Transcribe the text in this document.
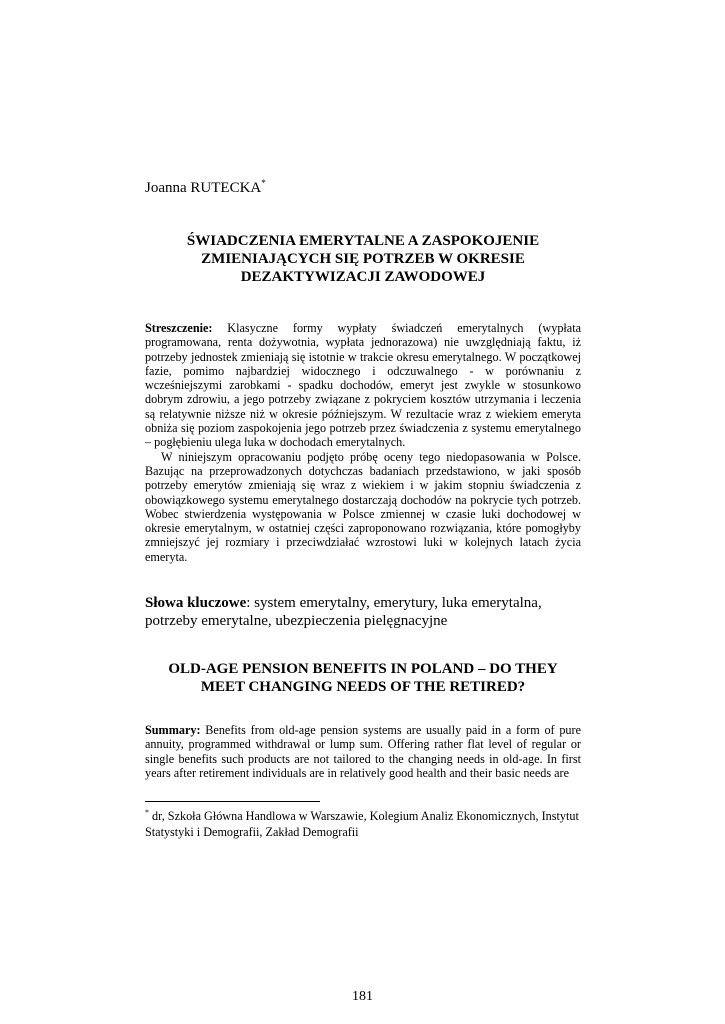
Joanna RUTECKA*
ŚWIADCZENIA EMERYTALNE A ZASPOKOJENIE
ZMIENIAJĄCYCH SIĘ POTRZEB W OKRESIE
DEZAKTYWIZACJI ZAWODOWEJ

Streszczenie: Klasyczne formy wypłaty świadczeń emerytalnych (wypłata programowana, renta dożywotnia, wypłata jednorazowa) nie uwzględniają faktu, iż potrzeby jednostek zmieniają się istotnie w trakcie okresu emerytalnego. W początkowej fazie, pomimo najbardziej widocznego i odczuwalnego - w porównaniu z wcześniejszymi zarobkami - spadku dochodów, emeryt jest zwykle w stosunkowo dobrym zdrowiu, a jego potrzeby związane z pokryciem kosztów utrzymania i leczenia są relatywnie niższe niż w okresie późniejszym. W rezultacie wraz z wiekiem emeryta obniża się poziom zaspokojenia jego potrzeb przez świadczenia z systemu emerytalnego – pogłębieniu ulega luka w dochodach emerytalnych.

W niniejszym opracowaniu podjęto próbę oceny tego niedopasowania w Polsce. Bazując na przeprowadzonych dotychczas badaniach przedstawiono, w jaki sposób potrzeby emerytów zmieniają się wraz z wiekiem i w jakim stopniu świadczenia z obowiązkowego systemu emerytalnego dostarczają dochodów na pokrycie tych potrzeb. Wobec stwierdzenia występowania w Polsce zmiennej w czasie luki dochodowej w okresie emerytalnym, w ostatniej części zaproponowano rozwiązania, które pomogłyby zmniejszyć jej rozmiary i przeciwdziałać wzrostowi luki w kolejnych latach życia emeryta.

Słowa kluczowe: system emerytalny, emerytury, luka emerytalna, potrzeby emerytalne, ubezpieczenia pielęgnacyjne
OLD-AGE PENSION BENEFITS IN POLAND – DO THEY
MEET CHANGING NEEDS OF THE RETIRED?

Summary: Benefits from old-age pension systems are usually paid in a form of pure annuity, programmed withdrawal or lump sum. Offering rather flat level of regular or single benefits such products are not tailored to the changing needs in old-age. In first years after retirement individuals are in relatively good health and their basic needs are

* dr, Szkoła Główna Handlowa w Warszawie, Kolegium Analiz Ekonomicznych, Instytut Statystyki i Demografii, Zakład Demografii
181
